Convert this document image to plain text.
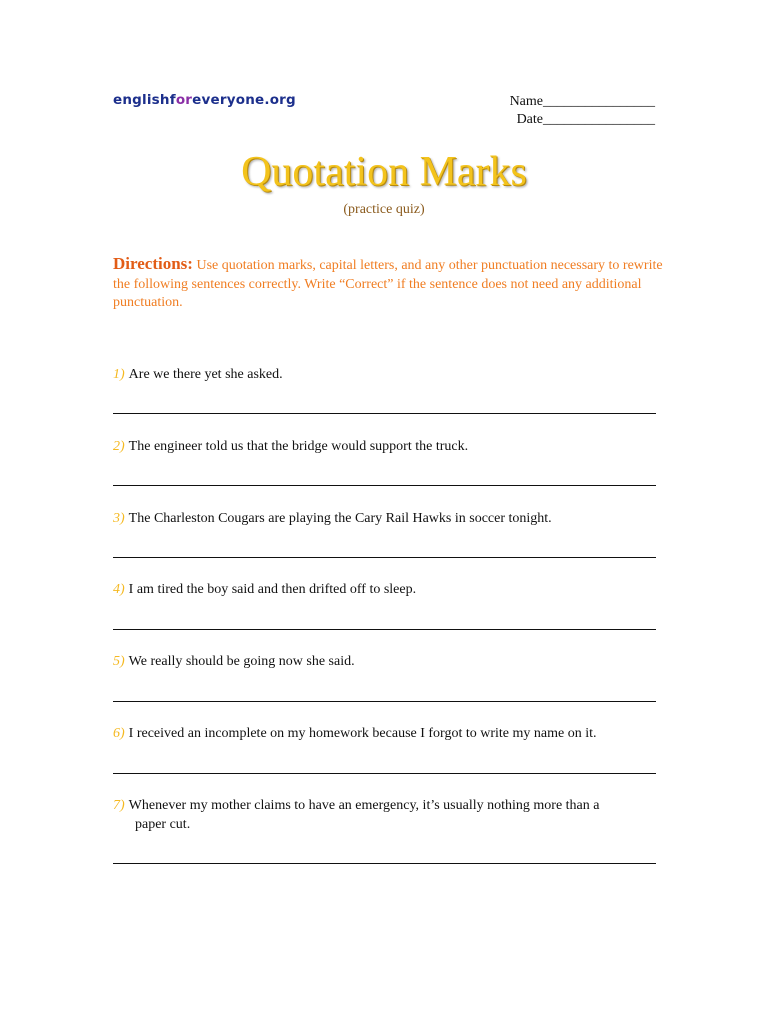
englishforeveryone.org	Name________________
Date________________
Quotation Marks
(practice quiz)
Directions: Use quotation marks, capital letters, and any other punctuation necessary to rewrite the following sentences correctly. Write “Correct” if the sentence does not need any additional punctuation.
1) Are we there yet she asked.
2) The engineer told us that the bridge would support the truck.
3) The Charleston Cougars are playing the Cary Rail Hawks in soccer tonight.
4) I am tired the boy said and then drifted off to sleep.
5) We really should be going now she said.
6) I received an incomplete on my homework because I forgot to write my name on it.
7) Whenever my mother claims to have an emergency, it’s usually nothing more than a
paper cut.
